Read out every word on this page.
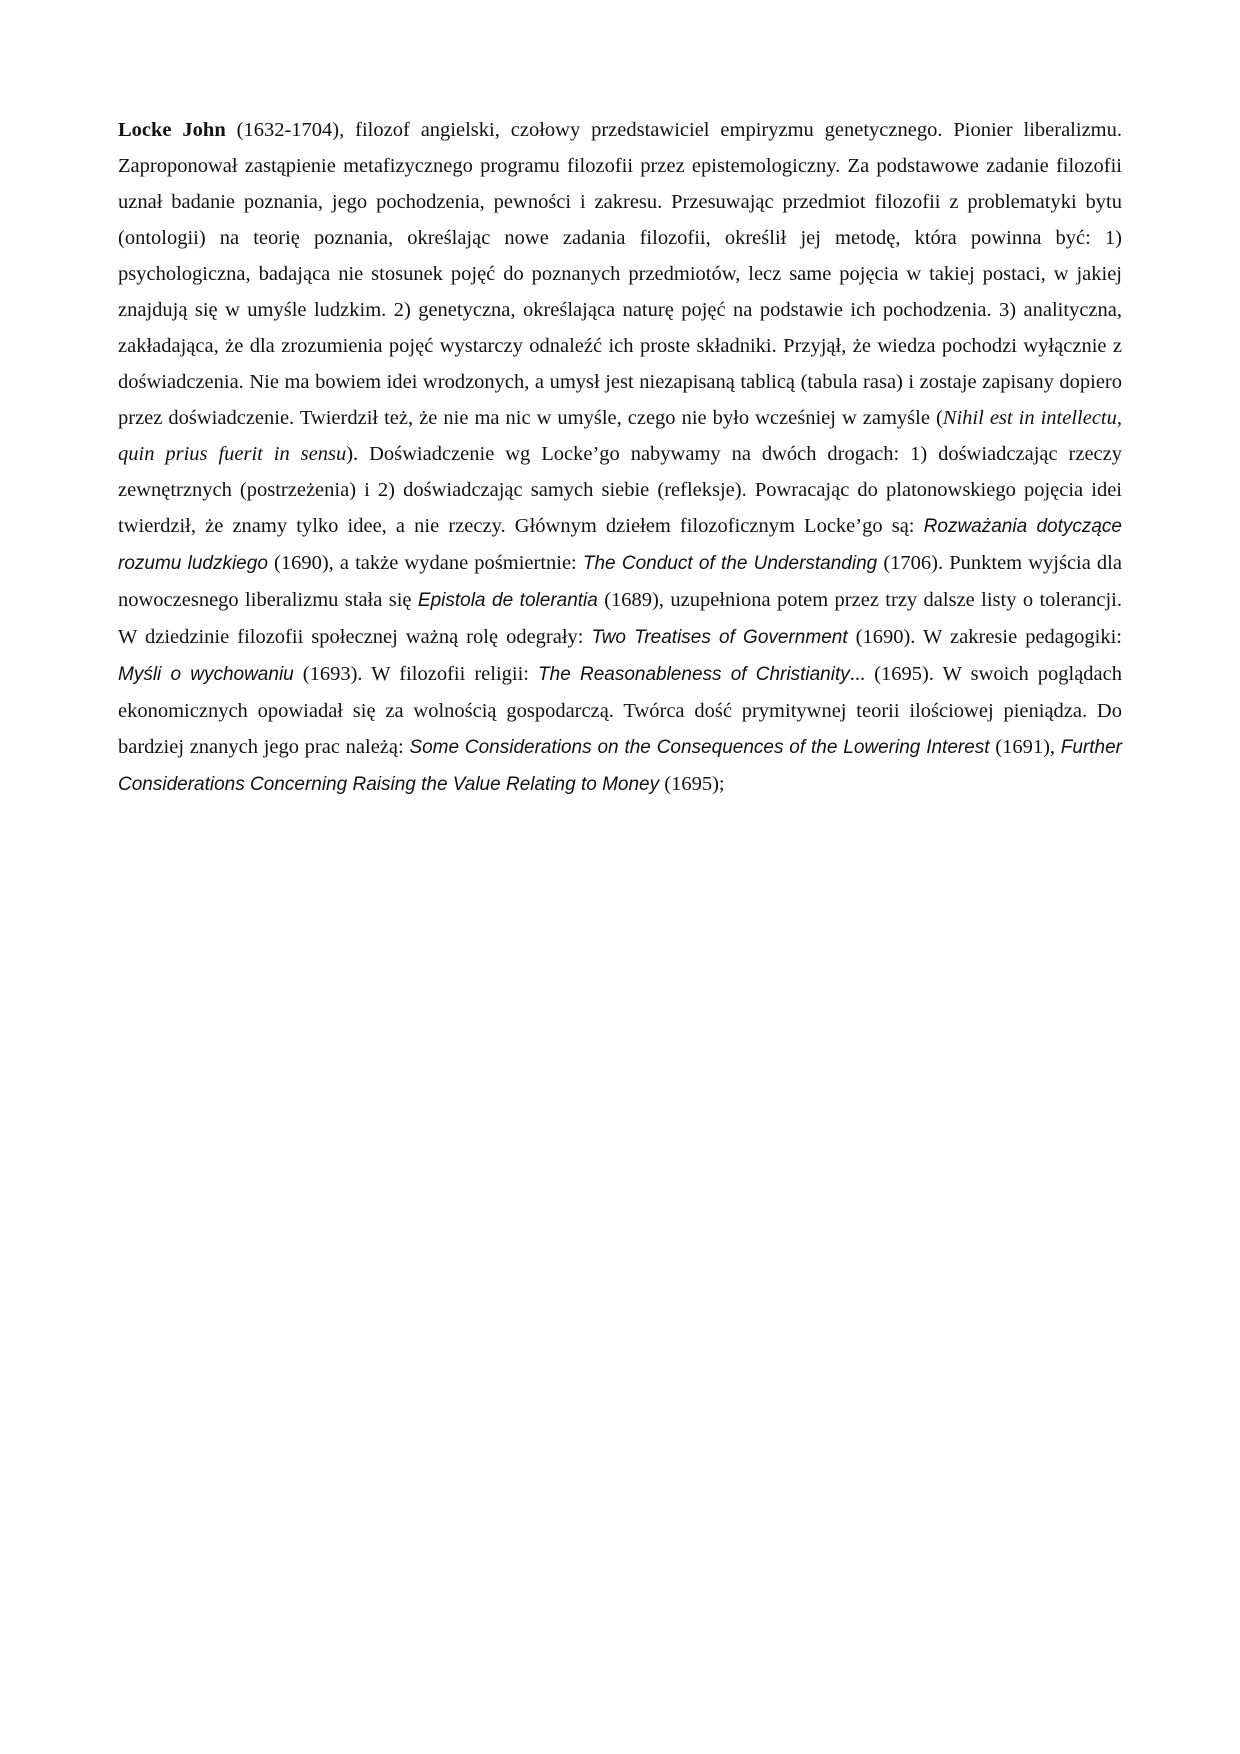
Locke John (1632-1704), filozof angielski, czołowy przedstawiciel empiryzmu genetycznego. Pionier liberalizmu. Zaproponował zastąpienie metafizycznego programu filozofii przez epistemologiczny. Za podstawowe zadanie filozofii uznał badanie poznania, jego pochodzenia, pewności i zakresu. Przesuwając przedmiot filozofii z problematyki bytu (ontologii) na teorię poznania, określając nowe zadania filozofii, określił jej metodę, która powinna być: 1) psychologiczna, badająca nie stosunek pojęć do poznanych przedmiotów, lecz same pojęcia w takiej postaci, w jakiej znajdują się w umyśle ludzkim. 2) genetyczna, określająca naturę pojęć na podstawie ich pochodzenia. 3) analityczna, zakładająca, że dla zrozumienia pojęć wystarczy odnaleźć ich proste składniki. Przyjął, że wiedza pochodzi wyłącznie z doświadczenia. Nie ma bowiem idei wrodzonych, a umysł jest niezapisaną tablicą (tabula rasa) i zostaje zapisany dopiero przez doświadczenie. Twierdził też, że nie ma nic w umyśle, czego nie było wcześniej w zamyśle (Nihil est in intellectu, quin prius fuerit in sensu). Doświadczenie wg Locke’go nabywamy na dwóch drogach: 1) doświadczając rzeczy zewnętrznych (postrzeżenia) i 2) doświadczając samych siebie (refleksje). Powracając do platonowskiego pojęcia idei twierdził, że znamy tylko idee, a nie rzeczy. Głównym dziełem filozoficznym Locke’go są: Rozważania dotyczące rozumu ludzkiego (1690), a także wydane pośmiertnie: The Conduct of the Understanding (1706). Punktem wyjścia dla nowoczesnego liberalizmu stała się Epistola de tolerantia (1689), uzupełniona potem przez trzy dalsze listy o tolerancji. W dziedzinie filozofii społecznej ważną rolę odegrały: Two Treatises of Government (1690). W zakresie pedagogiki: Myśli o wychowaniu (1693). W filozofii religii: The Reasonableness of Christianity... (1695). W swoich poglądach ekonomicznych opowiadał się za wolnością gospodarczą. Twórca dość prymitywnej teorii ilościowej pieniądza. Do bardziej znanych jego prac należą: Some Considerations on the Consequences of the Lowering Interest (1691), Further Considerations Concerning Raising the Value Relating to Money (1695);
